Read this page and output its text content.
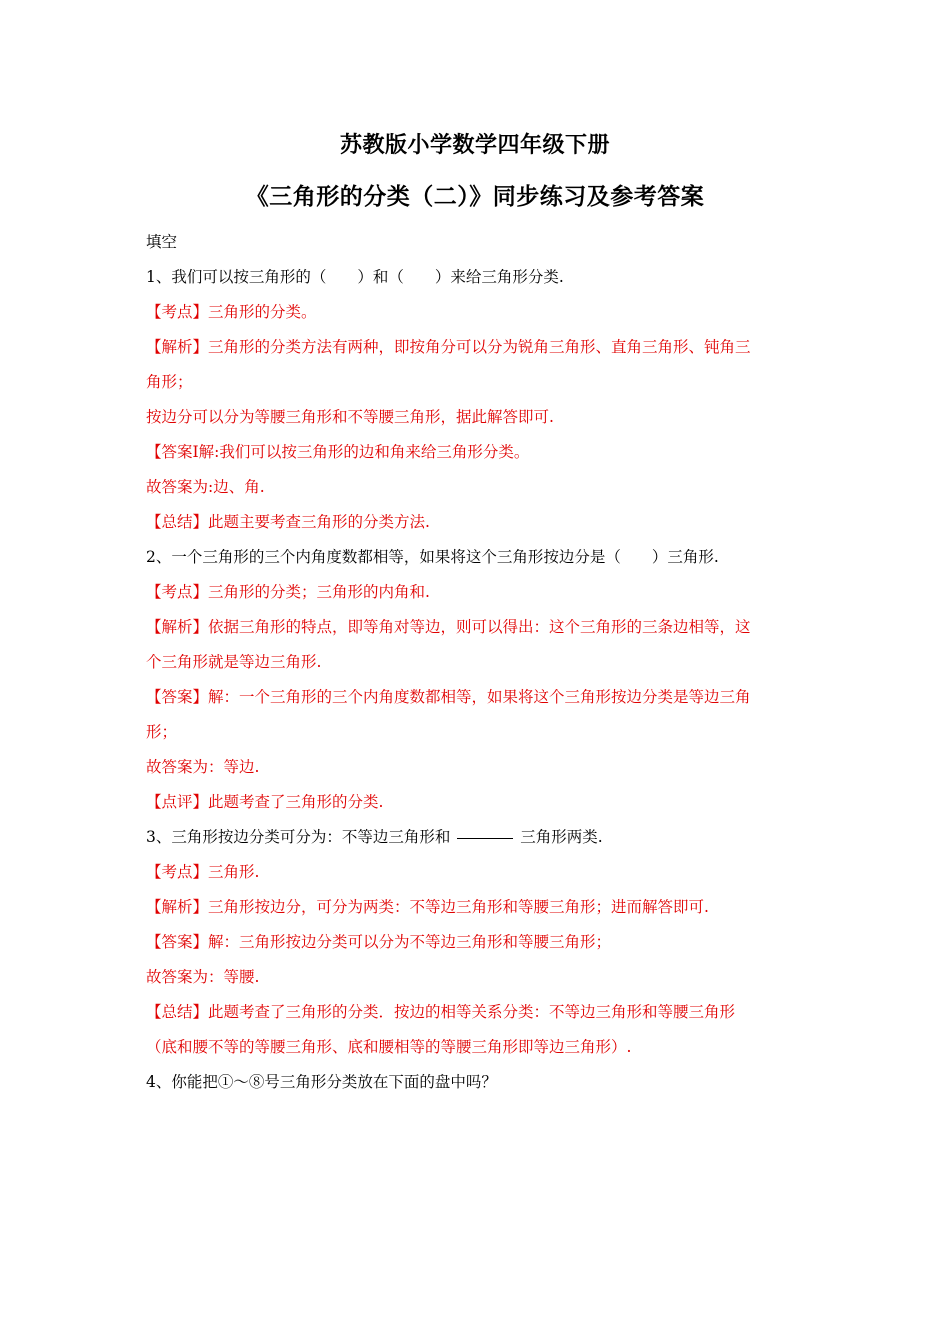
苏教版小学数学四年级下册
《三角形的分类（二）》同步练习及参考答案
填空
1、我们可以按三角形的（　　）和（　　）来给三角形分类.
【考点】三角形的分类。
【解析】三角形的分类方法有两种，即按角分可以分为锐角三角形、直角三角形、钝角三
角形；
按边分可以分为等腰三角形和不等腰三角形，据此解答即可.
【答案Ⅰ解:我们可以按三角形的边和角来给三角形分类。
故答案为:边、角.
【总结】此题主要考查三角形的分类方法.
2、一个三角形的三个内角度数都相等，如果将这个三角形按边分是（　　）三角形.
【考点】三角形的分类；三角形的内角和.
【解析】依据三角形的特点，即等角对等边，则可以得出：这个三角形的三条边相等，这
个三角形就是等边三角形.
【答案】解：一个三角形的三个内角度数都相等，如果将这个三角形按边分类是等边三角
形；
故答案为：等边.
【点评】此题考查了三角形的分类.
3、三角形按边分类可分为：不等边三角形和	三角形两类.
【考点】三角形.
【解析】三角形按边分，可分为两类：不等边三角形和等腰三角形；进而解答即可.
【答案】解：三角形按边分类可以分为不等边三角形和等腰三角形；
故答案为：等腰.
【总结】此题考查了三角形的分类．按边的相等关系分类：不等边三角形和等腰三角形
（底和腰不等的等腰三角形、底和腰相等的等腰三角形即等边三角形）.
4、你能把①～⑧号三角形分类放在下面的盘中吗？
